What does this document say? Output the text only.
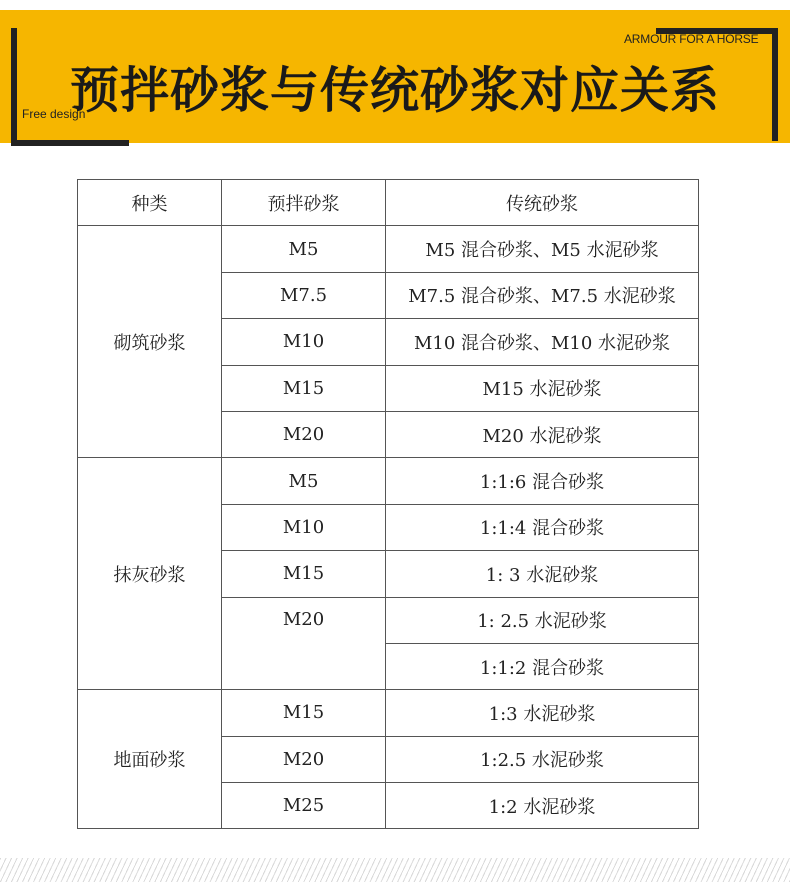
ARMOUR FOR A HORSE
Free design
预拌砂浆与传统砂浆对应关系
种类	预拌砂浆	传统砂浆
砌筑砂浆	M5	M5 混合砂浆、M5 水泥砂浆
	M7.5	M7.5 混合砂浆、M7.5 水泥砂浆
	M10	M10 混合砂浆、M10 水泥砂浆
	M15	M15 水泥砂浆
	M20	M20 水泥砂浆
抹灰砂浆	M5	1:1:6 混合砂浆
	M10	1:1:4 混合砂浆
	M15	1: 3 水泥砂浆
	M20	1: 2.5 水泥砂浆
		1:1:2 混合砂浆
地面砂浆	M15	1:3 水泥砂浆
	M20	1:2.5 水泥砂浆
	M25	1:2 水泥砂浆
